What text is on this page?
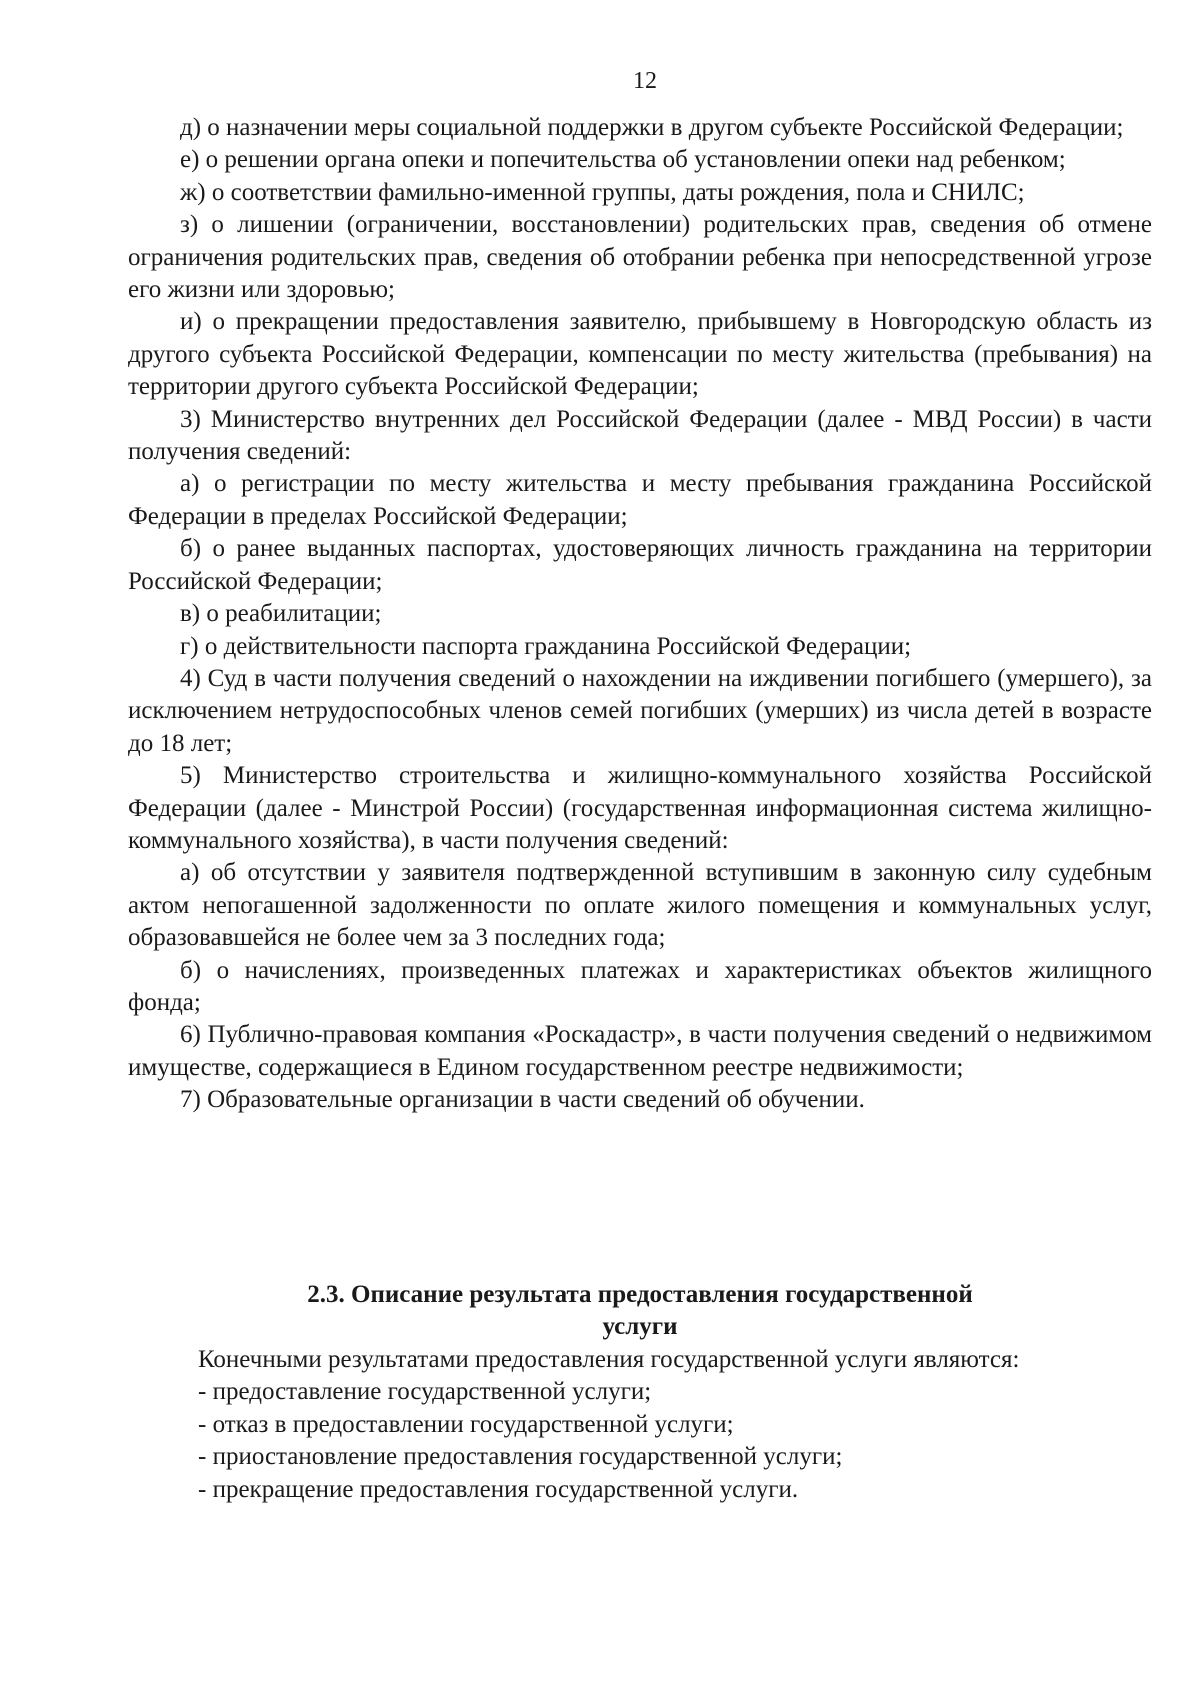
12

д) о назначении меры социальной поддержки в другом субъекте Российской Федерации;

е) о решении органа опеки и попечительства об установлении опеки над ребенком;

ж) о соответствии фамильно-именной группы, даты рождения, пола и СНИЛС;

з) о лишении (ограничении, восстановлении) родительских прав, сведения об отмене ограничения родительских прав, сведения об отобрании ребенка при непосредственной угрозе его жизни или здоровью;

и) о прекращении предоставления заявителю, прибывшему в Новгородскую область из другого субъекта Российской Федерации, компенсации по месту жительства (пребывания) на территории другого субъекта Российской Федерации;

3) Министерство внутренних дел Российской Федерации (далее - МВД России) в части получения сведений:

а) о регистрации по месту жительства и месту пребывания гражданина Российской Федерации в пределах Российской Федерации;

б) о ранее выданных паспортах, удостоверяющих личность гражданина на территории Российской Федерации;

в) о реабилитации;

г) о действительности паспорта гражданина Российской Федерации;

4) Суд в части получения сведений о нахождении на иждивении погибшего (умершего), за исключением нетрудоспособных членов семей погибших (умерших) из числа детей в возрасте до 18 лет;

5) Министерство строительства и жилищно-коммунального хозяйства Российской Федерации (далее - Минстрой России) (государственная информационная система жилищно-коммунального хозяйства), в части получения сведений:

а) об отсутствии у заявителя подтвержденной вступившим в законную силу судебным актом непогашенной задолженности по оплате жилого помещения и коммунальных услуг, образовавшейся не более чем за 3 последних года;

б) о начислениях, произведенных платежах и характеристиках объектов жилищного фонда;

6) Публично-правовая компания «Роскадастр», в части получения сведений о недвижимом имуществе, содержащиеся в Едином государственном реестре недвижимости;

7) Образовательные организации в части сведений об обучении.

2.3. Описание результата предоставления государственной
услуги

Конечными результатами предоставления государственной услуги являются:

- предоставление государственной услуги;

- отказ в предоставлении государственной услуги;

- приостановление предоставления государственной услуги;

- прекращение предоставления государственной услуги.
